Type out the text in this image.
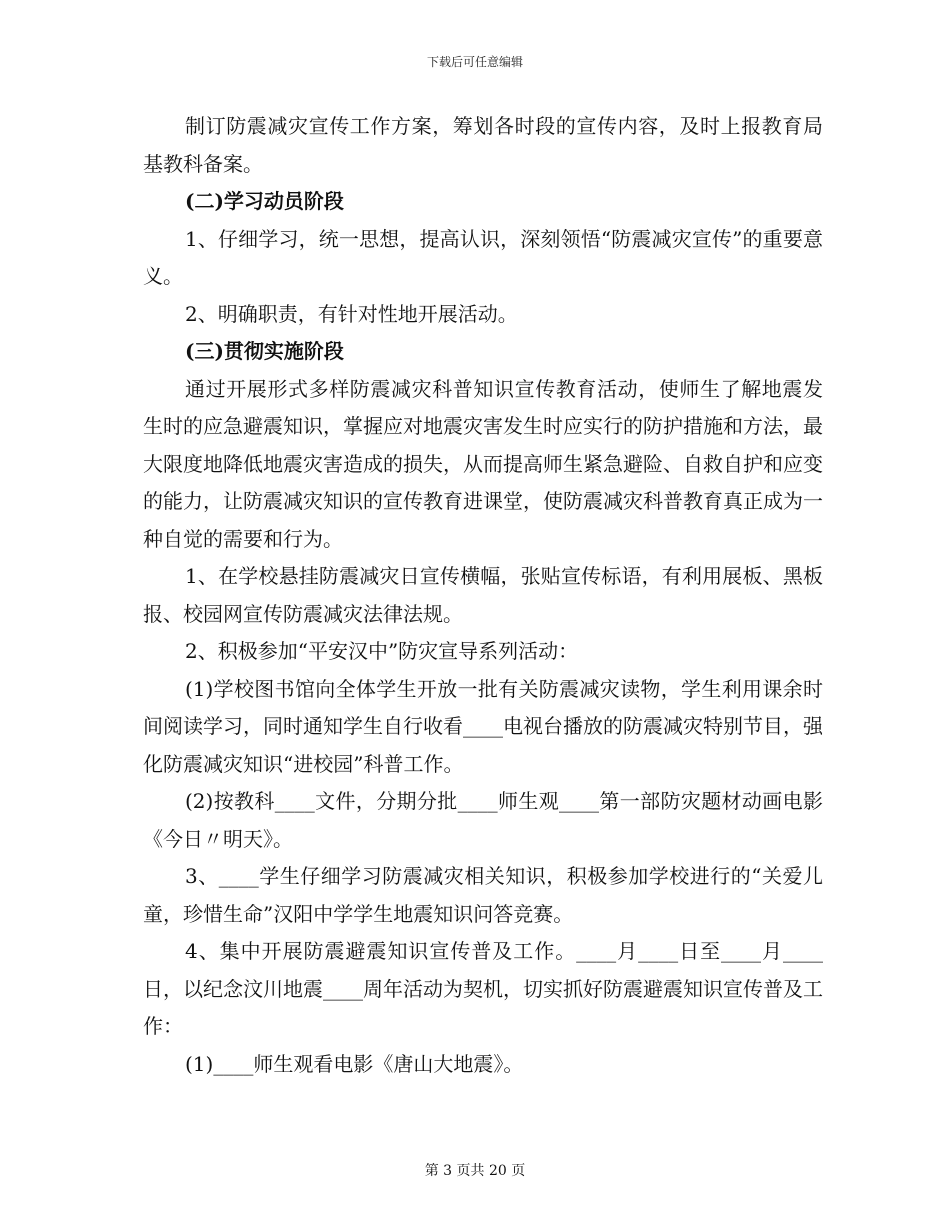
下载后可任意编辑

制订防震减灾宣传工作方案，筹划各时段的宣传内容，及时上报教育局基教科备案。

(二)学习动员阶段

1、仔细学习，统一思想，提高认识，深刻领悟“防震减灾宣传”的重要意义。

2、明确职责，有针对性地开展活动。

(三)贯彻实施阶段

通过开展形式多样防震减灾科普知识宣传教育活动，使师生了解地震发生时的应急避震知识，掌握应对地震灾害发生时应实行的防护措施和方法，最大限度地降低地震灾害造成的损失，从而提高师生紧急避险、自救自护和应变的能力，让防震减灾知识的宣传教育进课堂，使防震减灾科普教育真正成为一种自觉的需要和行为。

1、在学校悬挂防震减灾日宣传横幅，张贴宣传标语，有利用展板、黑板报、校园网宣传防震减灾法律法规。

2、积极参加“平安汉中”防灾宣导系列活动：

(1)学校图书馆向全体学生开放一批有关防震减灾读物，学生利用课余时间阅读学习，同时通知学生自行收看____电视台播放的防震减灾特别节目，强化防震减灾知识“进校园”科普工作。

(2)按教科____文件，分期分批____师生观____第一部防灾题材动画电影《今日〃明天》。

3、____学生仔细学习防震减灾相关知识，积极参加学校进行的“关爱儿童，珍惜生命”汉阳中学学生地震知识问答竞赛。

4、集中开展防震避震知识宣传普及工作。____月____日至____月____日，以纪念汶川地震____周年活动为契机，切实抓好防震避震知识宣传普及工作：

(1)____师生观看电影《唐山大地震》。

第 3 页共 20 页
